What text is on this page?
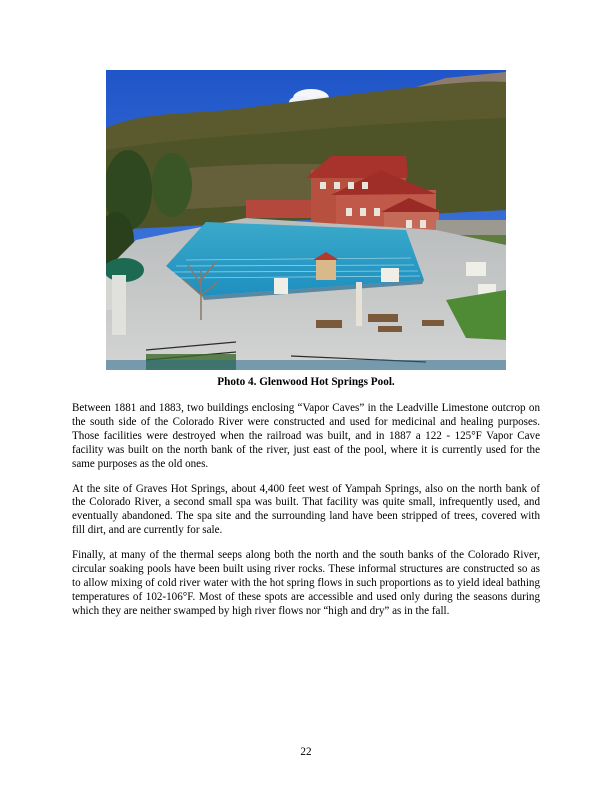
Photo 4. Glenwood Hot Springs Pool.

Between 1881 and 1883, two buildings enclosing “Vapor Caves” in the Leadville Limestone outcrop on the south side of the Colorado River were constructed and used for medicinal and healing purposes. Those facilities were destroyed when the railroad was built, and in 1887 a 122 - 125°F Vapor Cave facility was built on the north bank of the river, just east of the pool, where it is currently used for the same purposes as the old ones.

At the site of Graves Hot Springs, about 4,400 feet west of Yampah Springs, also on the north bank of the Colorado River, a second small spa was built. That facility was quite small, infrequently used, and eventually abandoned. The spa site and the surrounding land have been stripped of trees, covered with fill dirt, and are currently for sale.

Finally, at many of the thermal seeps along both the north and the south banks of the Colorado River, circular soaking pools have been built using river rocks. These informal structures are constructed so as to allow mixing of cold river water with the hot spring flows in such proportions as to yield ideal bathing temperatures of 102-106°F. Most of these spots are accessible and used only during the seasons during which they are neither swamped by high river flows nor “high and dry” as in the fall.

22
